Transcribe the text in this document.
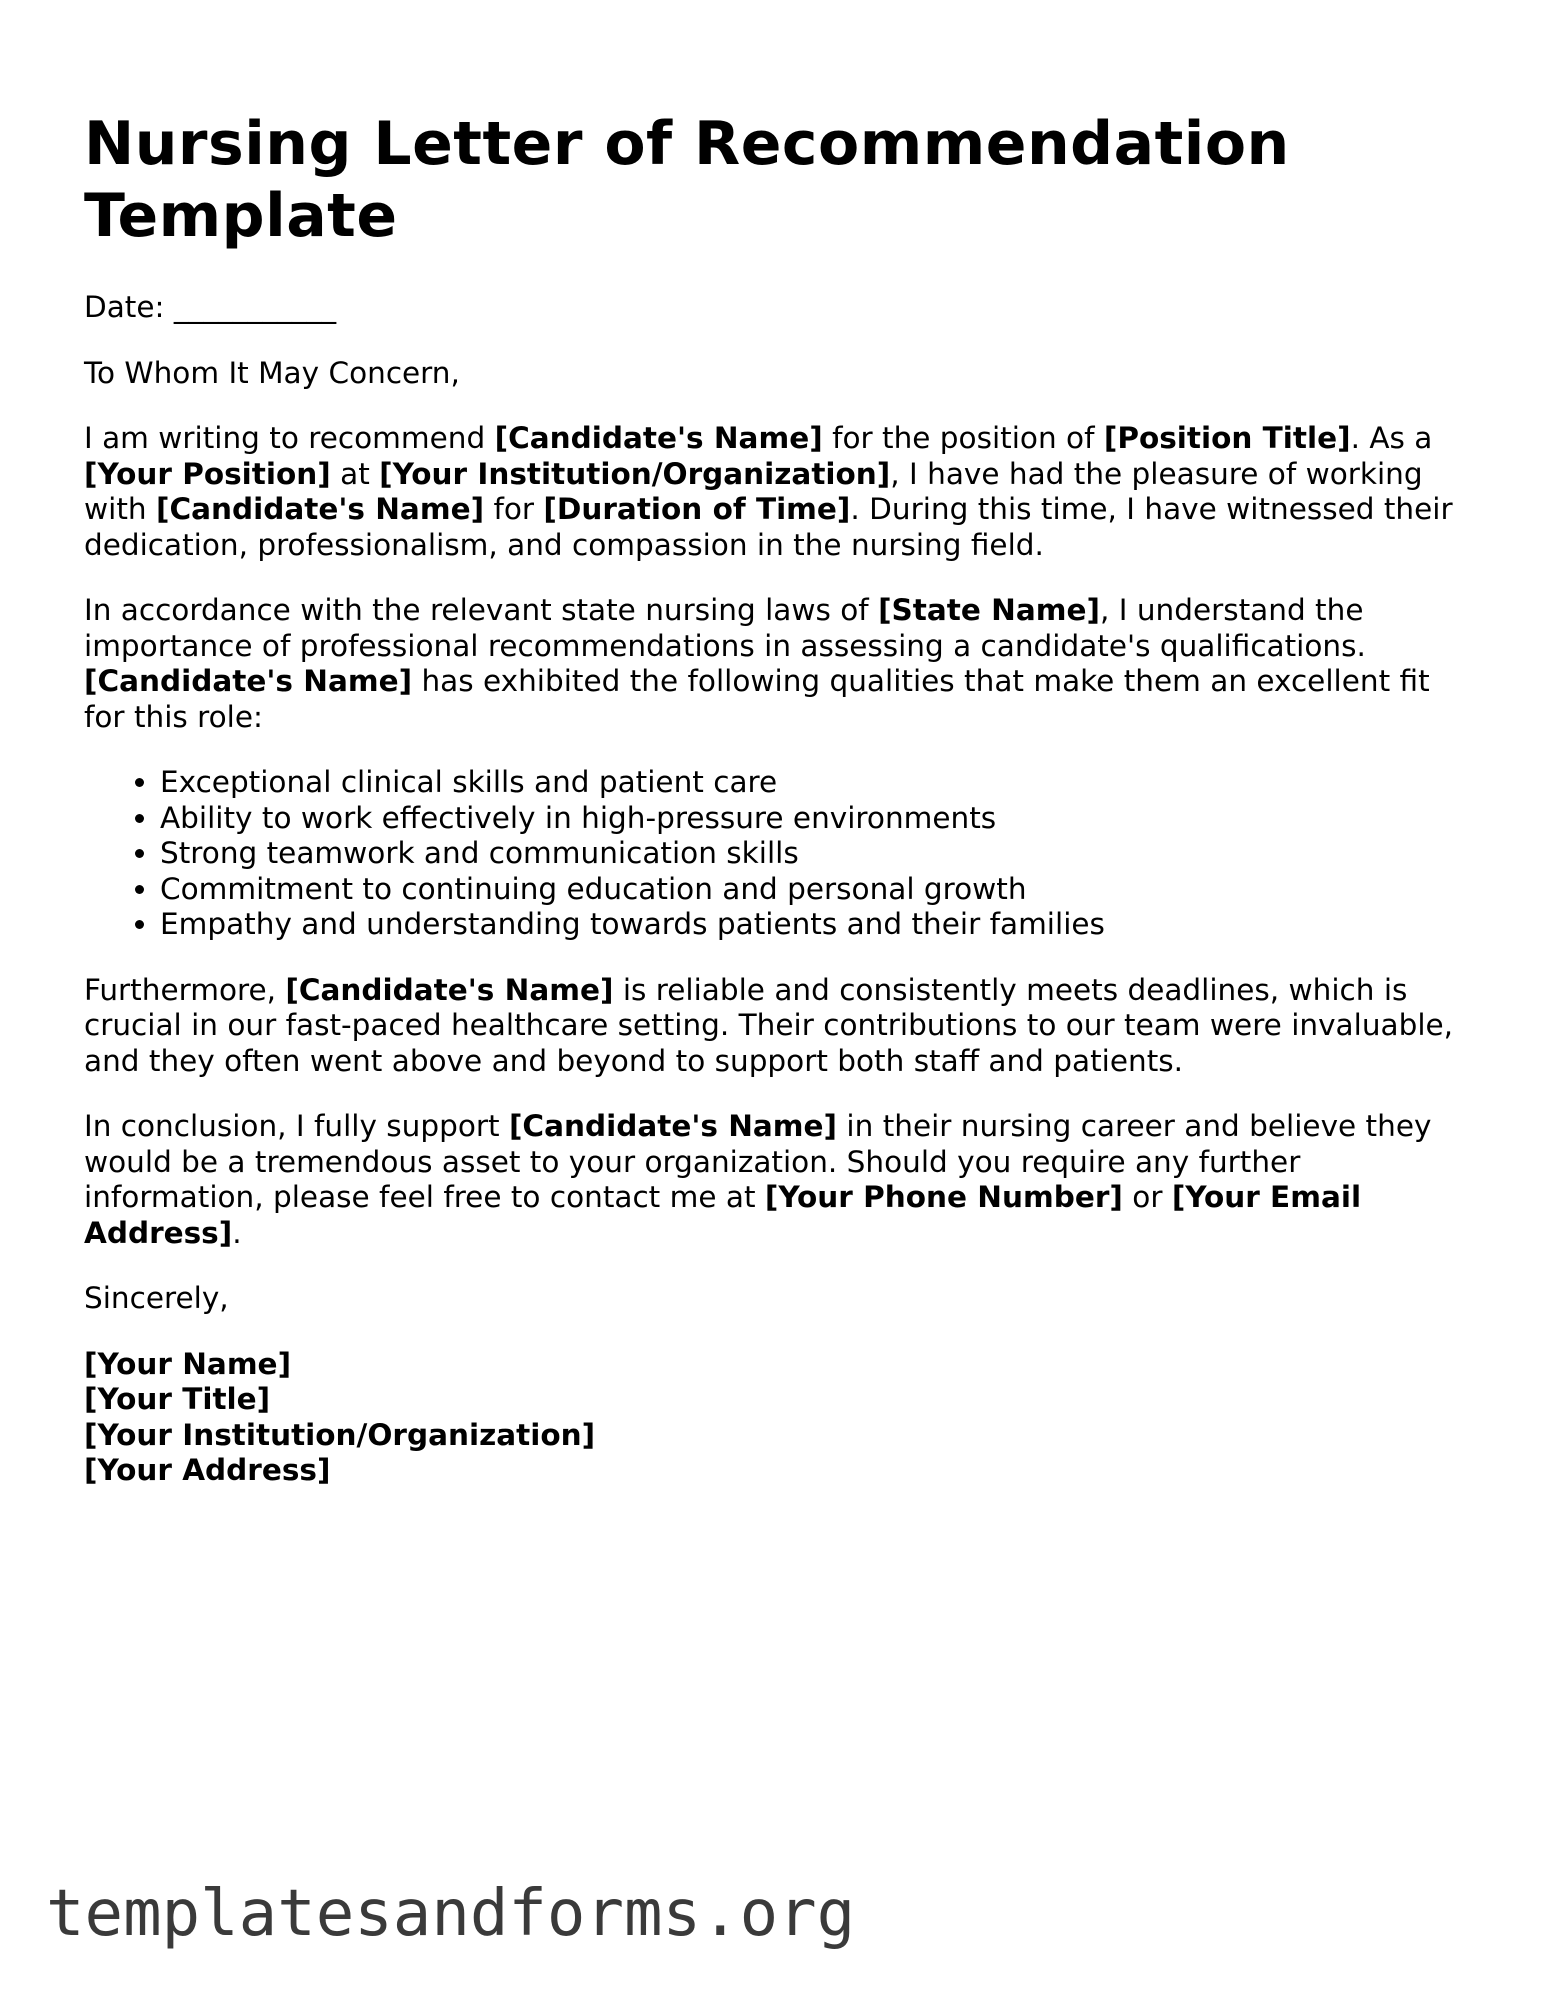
Nursing Letter of Recommendation Template

Date: ___________

To Whom It May Concern,

I am writing to recommend [Candidate's Name] for the position of [Position Title]. As a [Your Position] at [Your Institution/Organization], I have had the pleasure of working with [Candidate's Name] for [Duration of Time]. During this time, I have witnessed their dedication, professionalism, and compassion in the nursing field.

In accordance with the relevant state nursing laws of [State Name], I understand the importance of professional recommendations in assessing a candidate's qualifications. [Candidate's Name] has exhibited the following qualities that make them an excellent fit for this role:

• Exceptional clinical skills and patient care
• Ability to work effectively in high-pressure environments
• Strong teamwork and communication skills
• Commitment to continuing education and personal growth
• Empathy and understanding towards patients and their families

Furthermore, [Candidate's Name] is reliable and consistently meets deadlines, which is crucial in our fast-paced healthcare setting. Their contributions to our team were invaluable, and they often went above and beyond to support both staff and patients.

In conclusion, I fully support [Candidate's Name] in their nursing career and believe they would be a tremendous asset to your organization. Should you require any further information, please feel free to contact me at [Your Phone Number] or [Your Email Address].

Sincerely,

[Your Name]
[Your Title]
[Your Institution/Organization]
[Your Address]
templatesandforms.org
